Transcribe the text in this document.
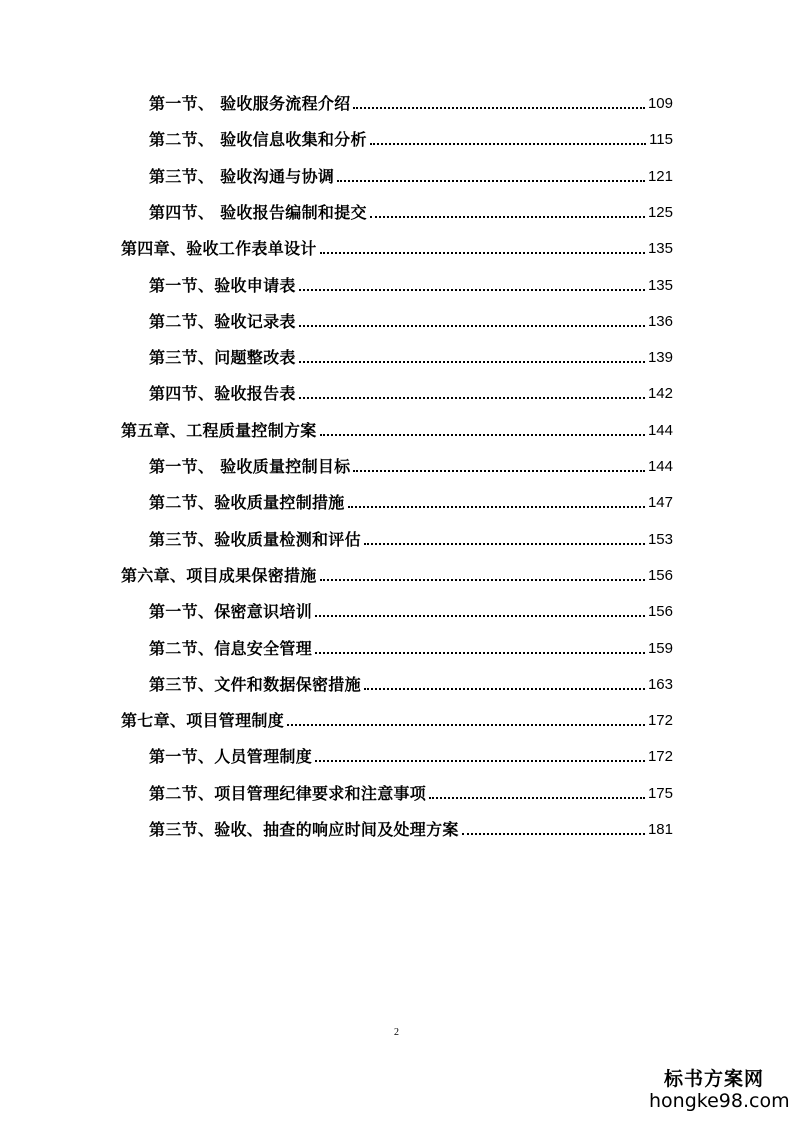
第一节、 验收服务流程介绍	109
第二节、 验收信息收集和分析	115
第三节、 验收沟通与协调	121
第四节、 验收报告编制和提交	125
第四章、验收工作表单设计	135
第一节、验收申请表	135
第二节、验收记录表	136
第三节、问题整改表	139
第四节、验收报告表	142
第五章、工程质量控制方案	144
第一节、 验收质量控制目标	144
第二节、验收质量控制措施	147
第三节、验收质量检测和评估	153
第六章、项目成果保密措施	156
第一节、保密意识培训	156
第二节、信息安全管理	159
第三节、文件和数据保密措施	163
第七章、项目管理制度	172
第一节、人员管理制度	172
第二节、项目管理纪律要求和注意事项	175
第三节、验收、抽查的响应时间及处理方案	181
2
标书方案网
hongke98.com
